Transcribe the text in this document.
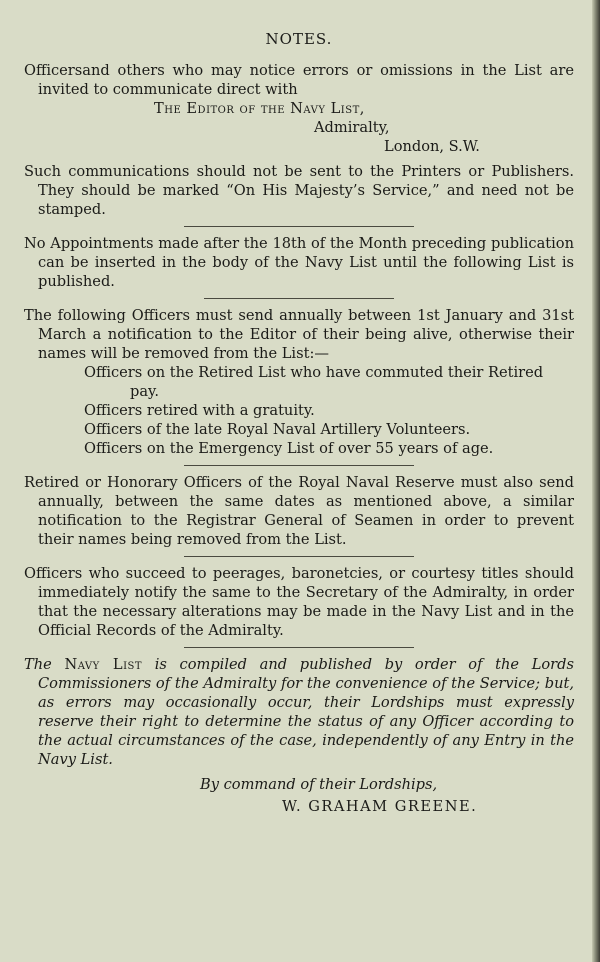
NOTES.

Officersand others who may notice errors or omissions in the List are invited to communicate direct with

The Editor of the Navy List,
Admiralty,
London, S.W.

Such communications should not be sent to the Printers or Publishers. They should be marked “On His Majesty’s Service,” and need not be stamped.

No Appointments made after the 18th of the Month preceding publication can be inserted in the body of the Navy List until the following List is published.

The following Officers must send annually between 1st January and 31st March a notification to the Editor of their being alive, otherwise their names will be removed from the List:—

Officers on the Retired List who have commuted their Retired pay.
Officers retired with a gratuity.
Officers of the late Royal Naval Artillery Volunteers.
Officers on the Emergency List of over 55 years of age.

Retired or Honorary Officers of the Royal Naval Reserve must also send annually, between the same dates as mentioned above, a similar notification to the Registrar General of Seamen in order to prevent their names being removed from the List.

Officers who succeed to peerages, baronetcies, or courtesy titles should immediately notify the same to the Secretary of the Admiralty, in order that the necessary alterations may be made in the Navy List and in the Official Records of the Admiralty.

The Navy List is compiled and published by order of the Lords Commissioners of the Admiralty for the convenience of the Service; but, as errors may occasionally occur, their Lordships must expressly reserve their right to determine the status of any Officer according to the actual circumstances of the case, independently of any Entry in the Navy List.

By command of their Lordships,
W. GRAHAM GREENE.
